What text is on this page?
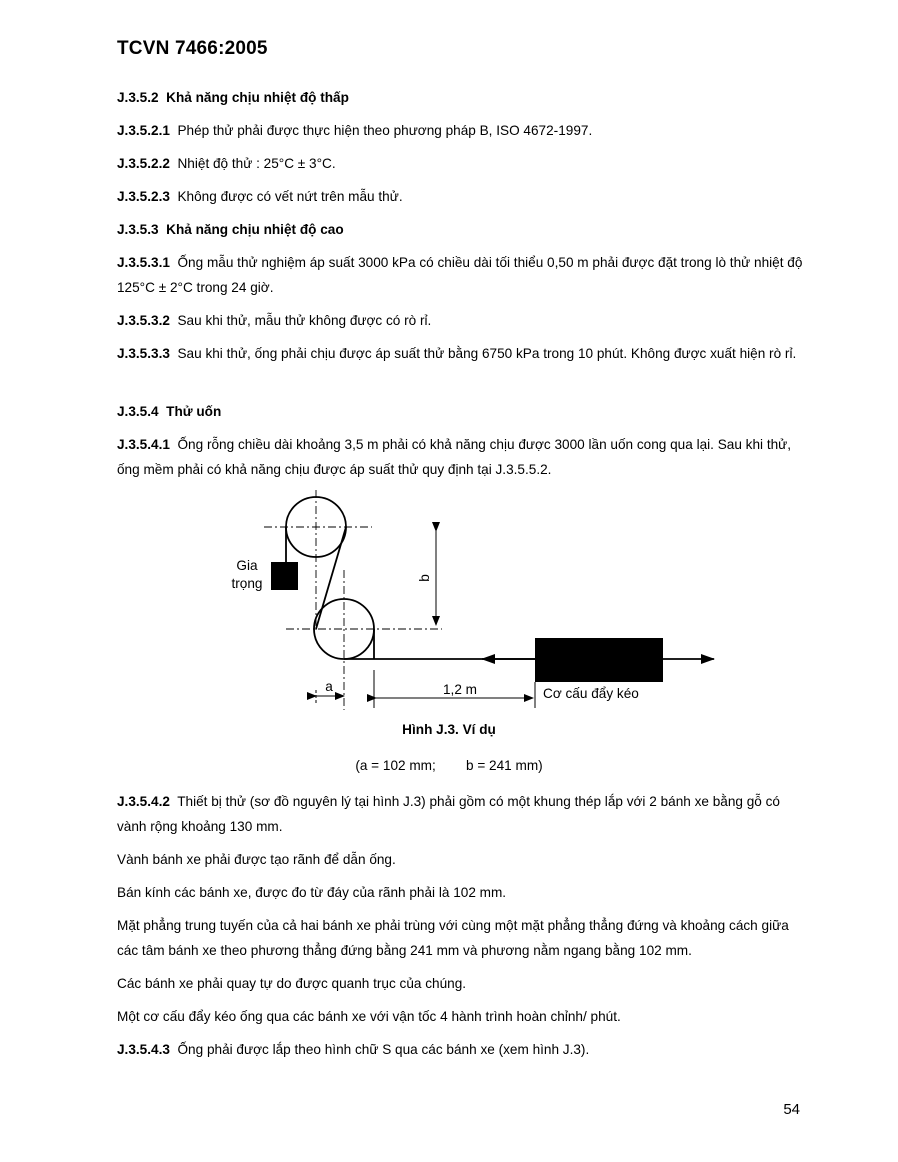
TCVN 7466:2005
J.3.5.2 Khả năng chịu nhiệt độ thấp
J.3.5.2.1 Phép thử phải được thực hiện theo phương pháp B, ISO 4672-1997.
J.3.5.2.2 Nhiệt độ thử : 25°C ± 3°C.
J.3.5.2.3 Không được có vết nứt trên mẫu thử.
J.3.5.3 Khả năng chịu nhiệt độ cao
J.3.5.3.1 Ống mẫu thử nghiệm áp suất 3000 kPa có chiều dài tối thiểu 0,50 m phải được đặt trong lò thử nhiệt độ 125°C ± 2°C trong 24 giờ.
J.3.5.3.2 Sau khi thử, mẫu thử không được có rò rỉ.
J.3.5.3.3 Sau khi thử, ống phải chịu được áp suất thử bằng 6750 kPa trong 10 phút. Không được xuất hiện rò rỉ.
J.3.5.4 Thử uốn
J.3.5.4.1 Ống rỗng chiều dài khoảng 3,5 m phải có khả năng chịu được 3000 lần uốn cong qua lại. Sau khi thử, ống mềm phải có khả năng chịu được áp suất thử quy định tại J.3.5.5.2.
Gia
trọng
a	1,2 m	Cơ cấu đẩy kéo
b
Hình J.3. Ví dụ
(a = 102 mm;        b = 241 mm)
J.3.5.4.2 Thiết bị thử (sơ đồ nguyên lý tại hình J.3) phải gồm có một khung thép lắp với 2 bánh xe bằng gỗ có vành rộng khoảng 130 mm.
Vành bánh xe phải được tạo rãnh để dẫn ống.
Bán kính các bánh xe, được đo từ đáy của rãnh phải là 102 mm.
Mặt phẳng trung tuyến của cả hai bánh xe phải trùng với cùng một mặt phẳng thẳng đứng và khoảng cách giữa các tâm bánh xe theo phương thẳng đứng bằng 241 mm và phương nằm ngang bằng 102 mm.
Các bánh xe phải quay tự do được quanh trục của chúng.
Một cơ cấu đẩy kéo ống qua các bánh xe với vận tốc 4 hành trình hoàn chỉnh/ phút.
J.3.5.4.3 Ống phải được lắp theo hình chữ S qua các bánh xe (xem hình J.3).
54
